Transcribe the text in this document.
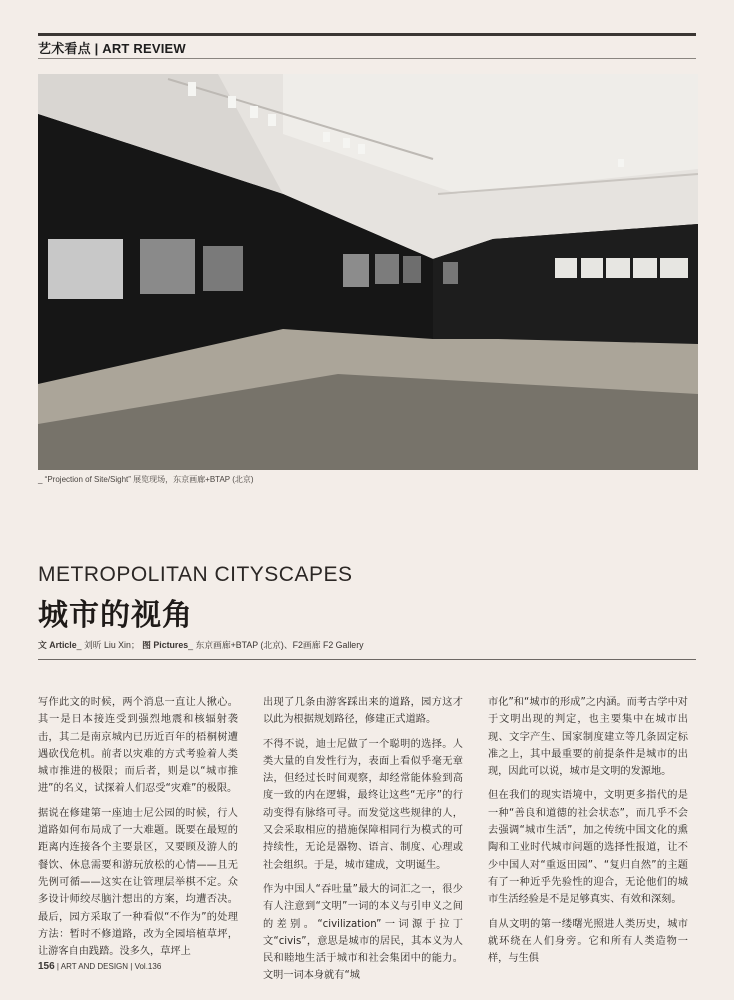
艺术看点 | ART REVIEW
_ “Projection of Site/Sight” 展览现场，东京画廊+BTAP (北京)
METROPOLITAN CITYSCAPES
城市的视角
文 Article_ 刘昕 Liu Xin； 图 Pictures_ 东京画廊+BTAP (北京)、F2画廊 F2 Gallery

写作此文的时候，两个消息一直让人揪心。其一是日本接连受到强烈地震和核辐射袭击，其二是南京城内已历近百年的梧桐树遭遇砍伐危机。前者以灾难的方式考验着人类城市推进的极限；而后者，则是以“城市推进”的名义，试探着人们忍受“灾难”的极限。

据说在修建第一座迪士尼公园的时候，行人道路如何布局成了一大难题。既要在最短的距离内连接各个主要景区，又要顾及游人的餐饮、休息需要和游玩放松的心情——且无先例可循——这实在让管理层举棋不定。众多设计师绞尽脑汁想出的方案，均遭否决。最后，园方采取了一种看似“不作为”的处理方法：暂时不修道路，改为全园培植草坪，让游客自由践踏。没多久，草坪上

出现了几条由游客踩出来的道路，园方这才以此为根据规划路径，修建正式道路。

不得不说，迪士尼做了一个聪明的选择。人类大量的自发性行为，表面上看似乎毫无章法，但经过长时间观察，却经常能体验到高度一致的内在逻辑，最终让这些“无序”的行动变得有脉络可寻。而发觉这些规律的人，又会采取相应的措施保障相同行为模式的可持续性，无论是器物、语言、制度、心理或社会组织。于是，城市建成，文明诞生。

作为中国人“吞吐量”最大的词汇之一，很少有人注意到“文明”一词的本义与引申义之间的差别。“civilization”一词源于拉丁文“civis”，意思是城市的居民，其本义为人民和睦地生活于城市和社会集团中的能力。文明一词本身就有“城

市化”和“城市的形成”之内涵。而考古学中对于文明出现的判定，也主要集中在城市出现、文字产生、国家制度建立等几条固定标准之上，其中最重要的前提条件是城市的出现，因此可以说，城市是文明的发源地。

但在我们的现实语境中，文明更多指代的是一种“善良和道德的社会状态”，而几乎不会去强调“城市生活”，加之传统中国文化的熏陶和工业时代城市问题的选择性报道，让不少中国人对“重返田园”、“复归自然”的主题有了一种近乎先验性的迎合，无论他们的城市生活经验是不是足够真实、有效和深刻。

自从文明的第一缕曙光照进人类历史，城市就环绕在人们身旁。它和所有人类造物一样，与生俱

156 | ART AND DESIGN | Vol.136
